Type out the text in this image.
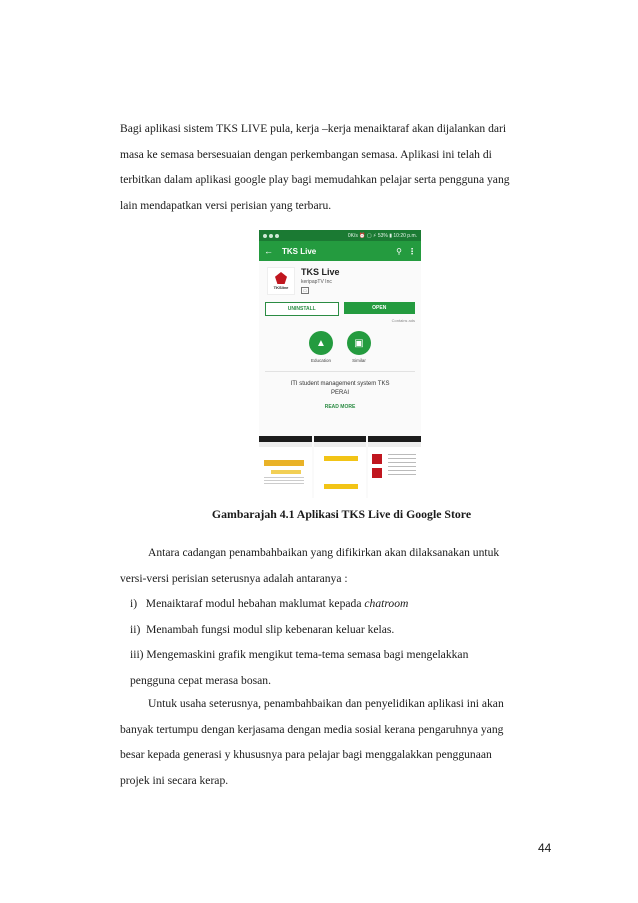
Bagi aplikasi sistem TKS LIVE pula, kerja –kerja menaiktaraf akan dijalankan dari
masa ke semasa bersesuaian dengan perkembangan semasa. Aplikasi ini telah di
terbitkan dalam aplikasi google play bagi memudahkan pelajar serta pengguna yang
lain mendapatkan versi perisian yang terbaru.
0K/s ⏰ ▢ ⚡ 53% ▮ 10:20 p.m.
← TKS Live	⚲ ⋮
TKSlive
TKS Live
keripapTV Inc
□
UNINSTALL	OPEN
Contains ads
▲
Education
▣
Similar
ITI student management system TKS
PERAI
READ MORE
Gambarajah 4.1 Aplikasi TKS Live di Google Store
Antara cadangan penambahbaikan yang difikirkan akan dilaksanakan untuk
versi-versi perisian seterusnya adalah antaranya :
i)   Menaiktaraf modul hebahan maklumat kepada chatroom
ii)  Menambah fungsi modul slip kebenaran keluar kelas.
iii) Mengemaskini grafik mengikut tema-tema semasa bagi mengelakkan
pengguna cepat merasa bosan.
Untuk usaha seterusnya, penambahbaikan dan penyelidikan aplikasi ini akan
banyak tertumpu dengan kerjasama dengan media sosial kerana pengaruhnya yang
besar kepada generasi y khususnya para pelajar bagi menggalakkan penggunaan
projek ini secara kerap.
44
